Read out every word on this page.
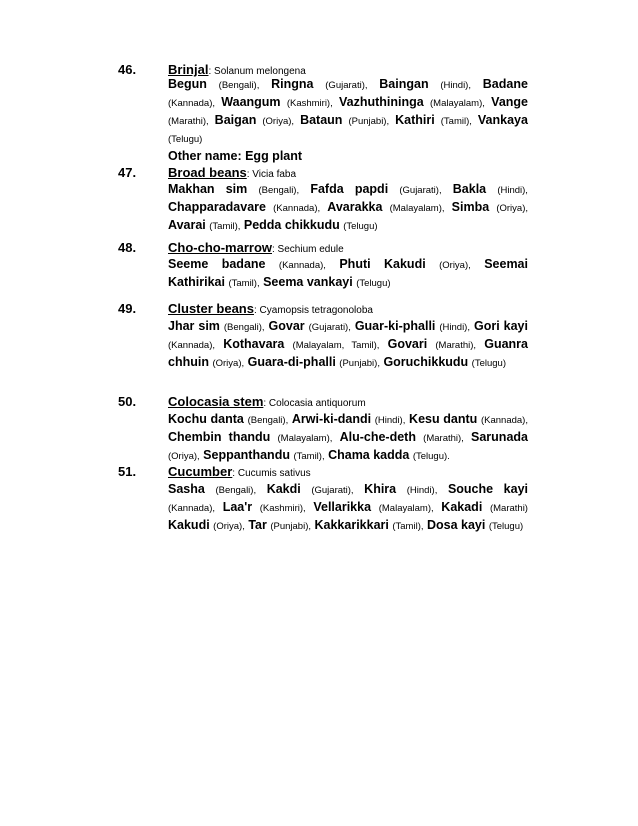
46. Brinjal: Solanum melongena
Begun (Bengali), Ringna (Gujarati), Baingan (Hindi), Badane (Kannada), Waangum (Kashmiri), Vazhuthininga (Malayalam), Vange (Marathi), Baigan (Oriya), Bataun (Punjabi), Kathiri (Tamil), Vankaya (Telugu)
Other name: Egg plant
47. Broad beans: Vicia faba
Makhan sim (Bengali), Fafda papdi (Gujarati), Bakla (Hindi), Chapparadavare (Kannada), Avarakka (Malayalam), Simba (Oriya), Avarai (Tamil), Pedda chikkudu (Telugu)
48. Cho-cho-marrow: Sechium edule
Seeme badane (Kannada), Phuti Kakudi (Oriya), Seemai Kathirikai (Tamil), Seema vankayi (Telugu)
49. Cluster beans: Cyamopsis tetragonoloba
Jhar sim (Bengali), Govar (Gujarati), Guar-ki-phalli (Hindi), Gori kayi (Kannada), Kothavara (Malayalam, Tamil), Govari (Marathi), Guanra chhuin (Oriya), Guara-di-phalli (Punjabi), Goruchikkudu (Telugu)
50. Colocasia stem: Colocasia antiquorum
Kochu danta (Bengali), Arwi-ki-dandi (Hindi), Kesu dantu (Kannada), Chembin thandu (Malayalam), Alu-che-deth (Marathi), Sarunada (Oriya), Seppanthandu (Tamil), Chama kadda (Telugu).
51. Cucumber: Cucumis sativus
Sasha (Bengali), Kakdi (Gujarati), Khira (Hindi), Souche kayi (Kannada), Laa'r (Kashmiri), Vellarikka (Malayalam), Kakadi (Marathi) Kakudi (Oriya), Tar (Punjabi), Kakkarikkari (Tamil), Dosa kayi (Telugu)
